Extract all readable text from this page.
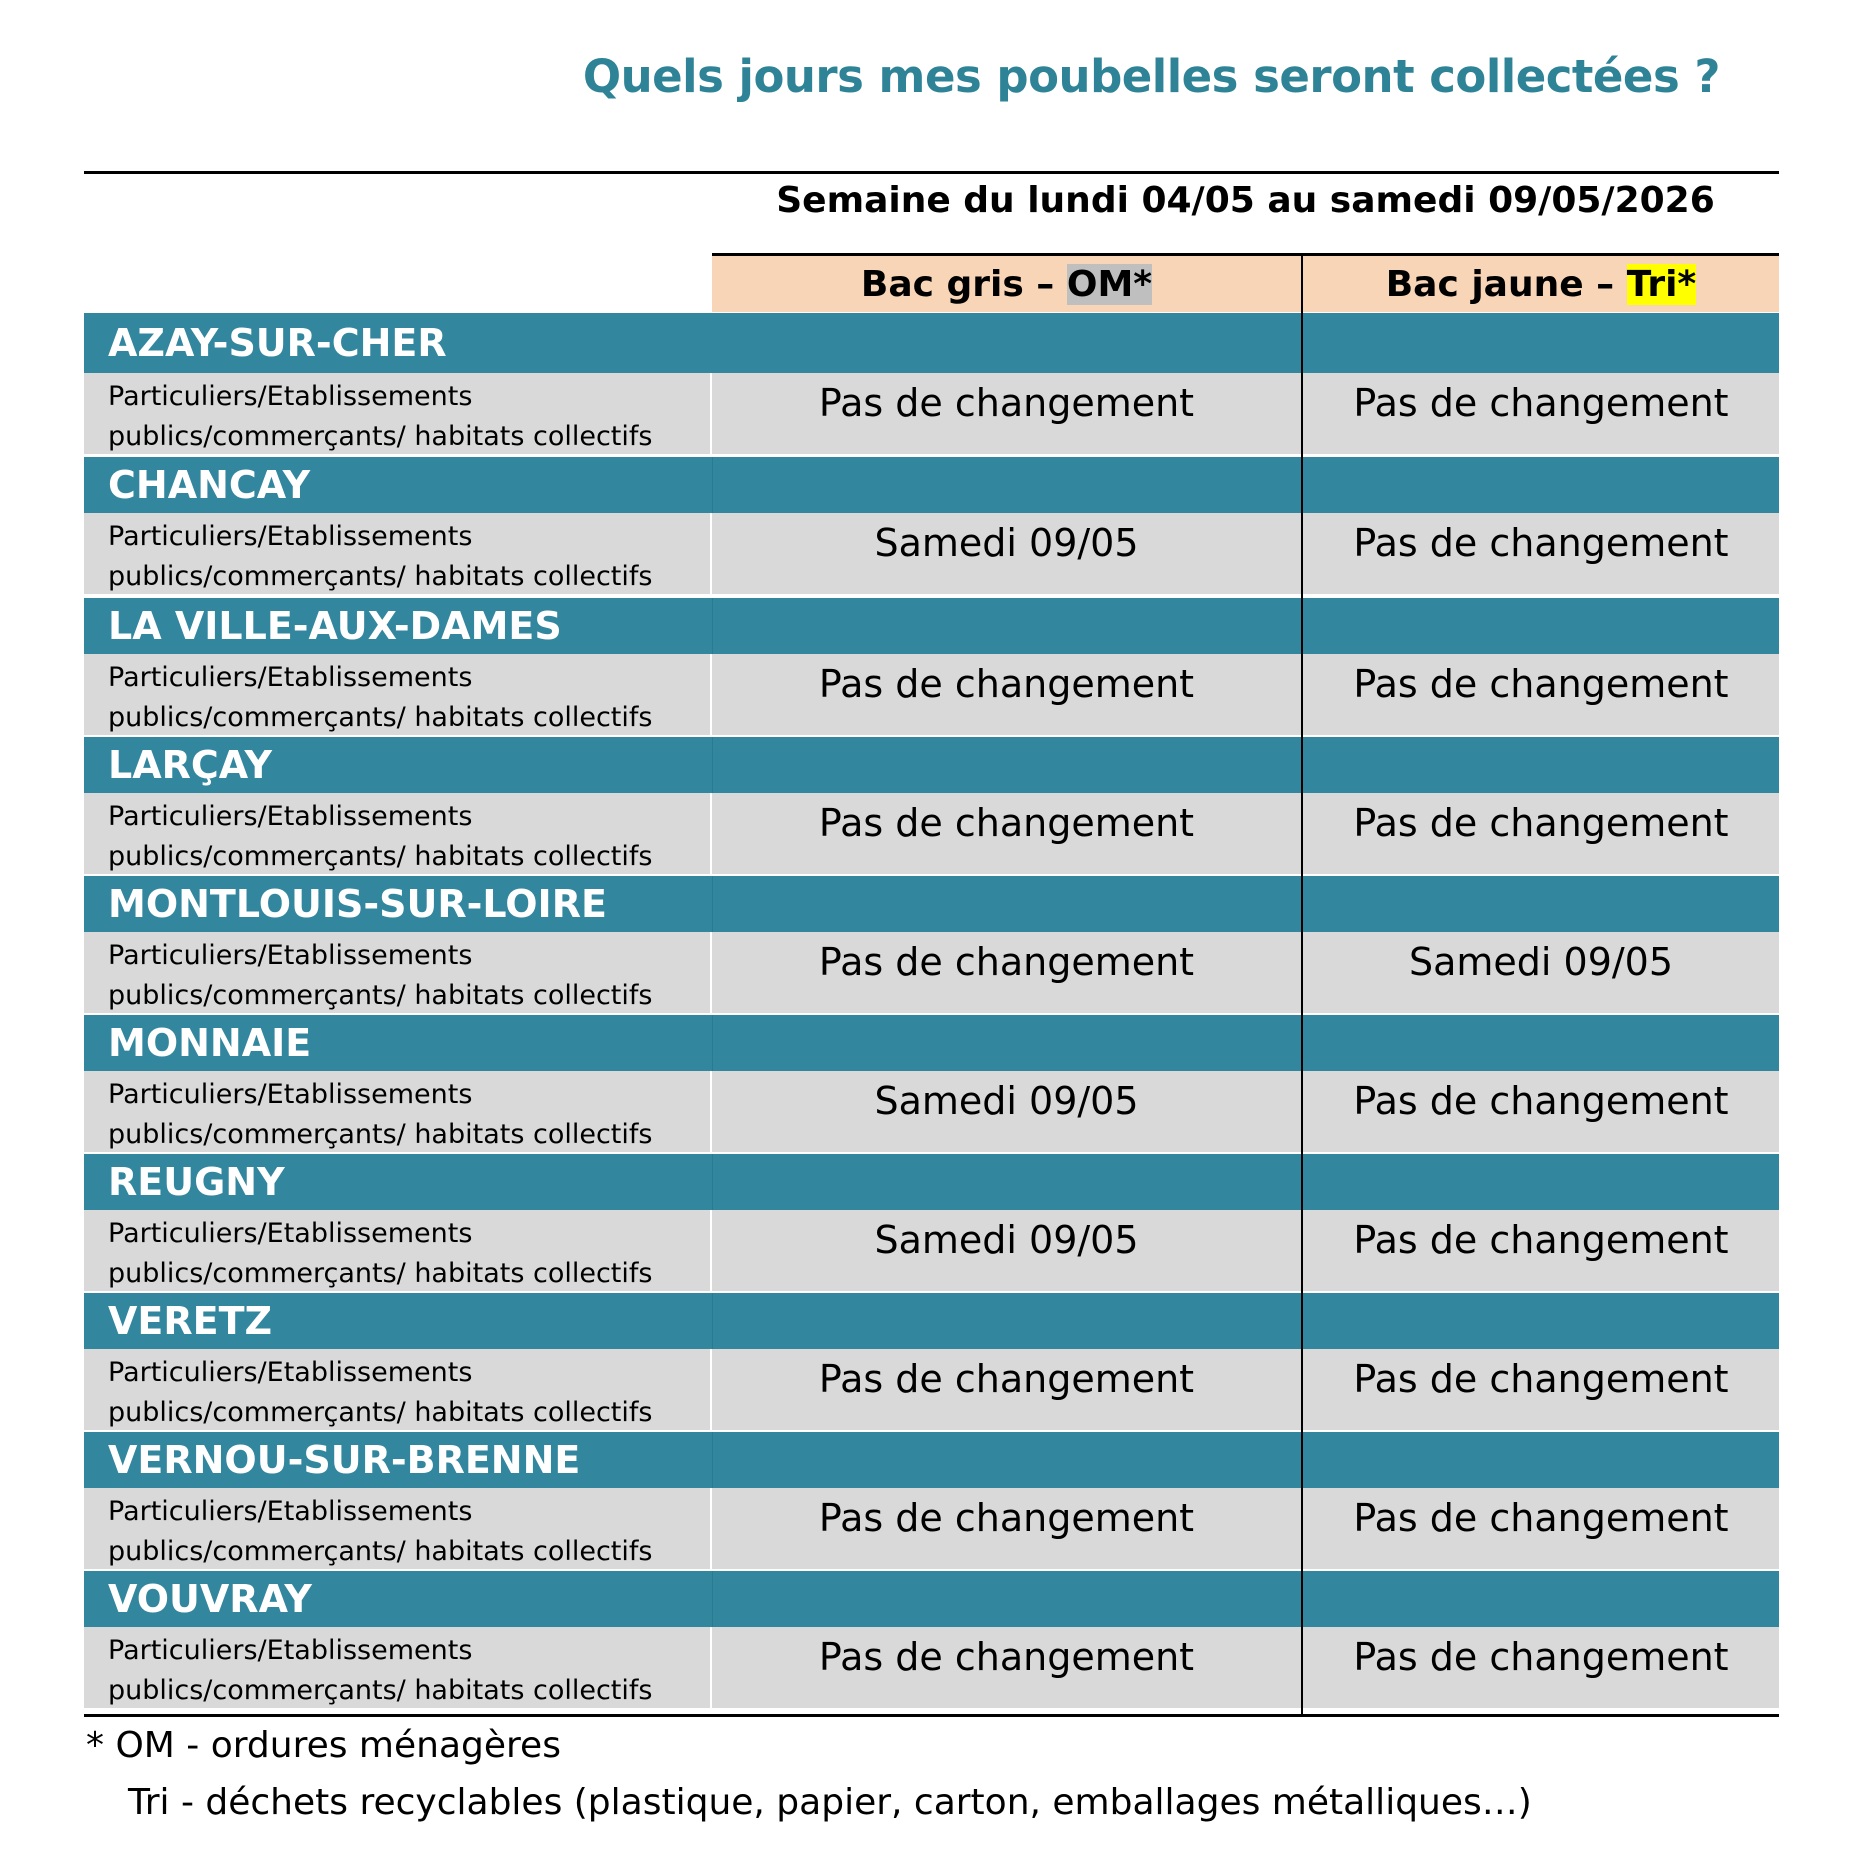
Quels jours mes poubelles seront collectées ?
Semaine du lundi 04/05 au samedi 09/05/2026
Bac gris – OM*	Bac jaune – Tri*
AZAY-SUR-CHER
Particuliers/Etablissements
publics/commerçants/ habitats collectifs
Pas de changement	Pas de changement
CHANCAY
Particuliers/Etablissements
publics/commerçants/ habitats collectifs
Samedi 09/05	Pas de changement
LA VILLE-AUX-DAMES
Particuliers/Etablissements
publics/commerçants/ habitats collectifs
Pas de changement	Pas de changement
LARÇAY
Particuliers/Etablissements
publics/commerçants/ habitats collectifs
Pas de changement	Pas de changement
MONTLOUIS-SUR-LOIRE
Particuliers/Etablissements
publics/commerçants/ habitats collectifs
Pas de changement	Samedi 09/05
MONNAIE
Particuliers/Etablissements
publics/commerçants/ habitats collectifs
Samedi 09/05	Pas de changement
REUGNY
Particuliers/Etablissements
publics/commerçants/ habitats collectifs
Samedi 09/05	Pas de changement
VERETZ
Particuliers/Etablissements
publics/commerçants/ habitats collectifs
Pas de changement	Pas de changement
VERNOU-SUR-BRENNE
Particuliers/Etablissements
publics/commerçants/ habitats collectifs
Pas de changement	Pas de changement
VOUVRAY
Particuliers/Etablissements
publics/commerçants/ habitats collectifs
Pas de changement	Pas de changement
* OM - ordures ménagères
Tri - déchets recyclables (plastique, papier, carton, emballages métalliques…)
